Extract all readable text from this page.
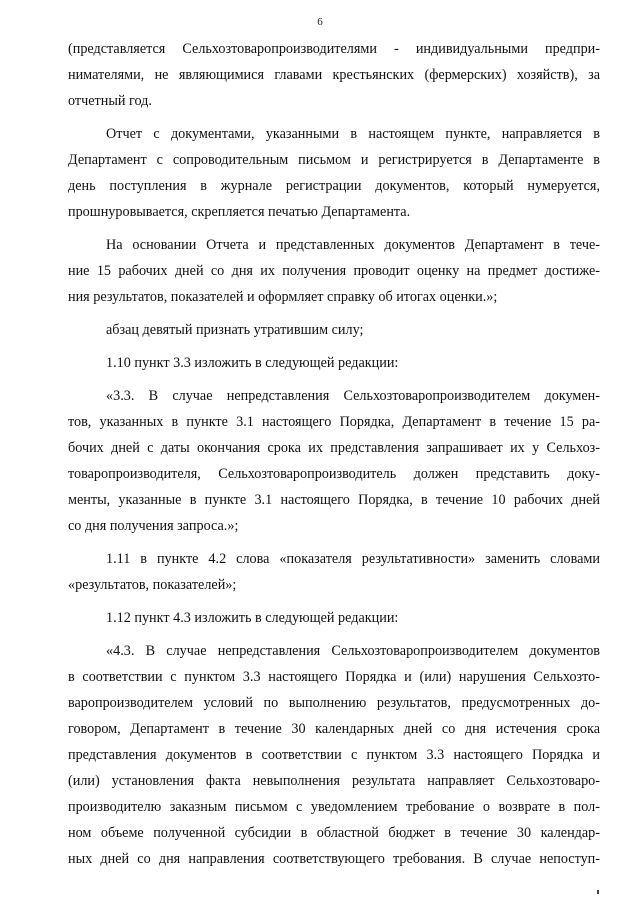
6
(представляется Сельхозтоваропроизводителями - индивидуальными предпри-
нимателями, не являющимися главами крестьянских (фермерских) хозяйств), за
отчетный год.
Отчет с документами, указанными в настоящем пункте, направляется в
Департамент с сопроводительным письмом и регистрируется в Департаменте в
день поступления в журнале регистрации документов, который нумеруется,
прошнуровывается, скрепляется печатью Департамента.
На основании Отчета и представленных документов Департамент в тече-
ние 15 рабочих дней со дня их получения проводит оценку на предмет достиже-
ния результатов, показателей и оформляет справку об итогах оценки.»;
абзац девятый признать утратившим силу;
1.10 пункт 3.3 изложить в следующей редакции:
«3.3. В случае непредставления Сельхозтоваропроизводителем докумен-
тов, указанных в пункте 3.1 настоящего Порядка, Департамент в течение 15 ра-
бочих дней с даты окончания срока их представления запрашивает их у Сельхоз-
товаропроизводителя, Сельхозтоваропроизводитель должен представить доку-
менты, указанные в пункте 3.1 настоящего Порядка, в течение 10 рабочих дней
со дня получения запроса.»;
1.11 в пункте 4.2 слова «показателя результативности» заменить словами
«результатов, показателей»;
1.12 пункт 4.3 изложить в следующей редакции:
«4.3. В случае непредставления Сельхозтоваропроизводителем документов
в соответствии с пунктом 3.3 настоящего Порядка и (или) нарушения Сельхозто-
варопроизводителем условий по выполнению результатов, предусмотренных до-
говором, Департамент в течение 30 календарных дней со дня истечения срока
представления документов в соответствии с пунктом 3.3 настоящего Порядка и
(или) установления факта невыполнения результата направляет Сельхозтоваро-
производителю заказным письмом с уведомлением требование о возврате в пол-
ном объеме полученной субсидии в областной бюджет в течение 30 календар-
ных дней со дня направления соответствующего требования. В случае непоступ-
